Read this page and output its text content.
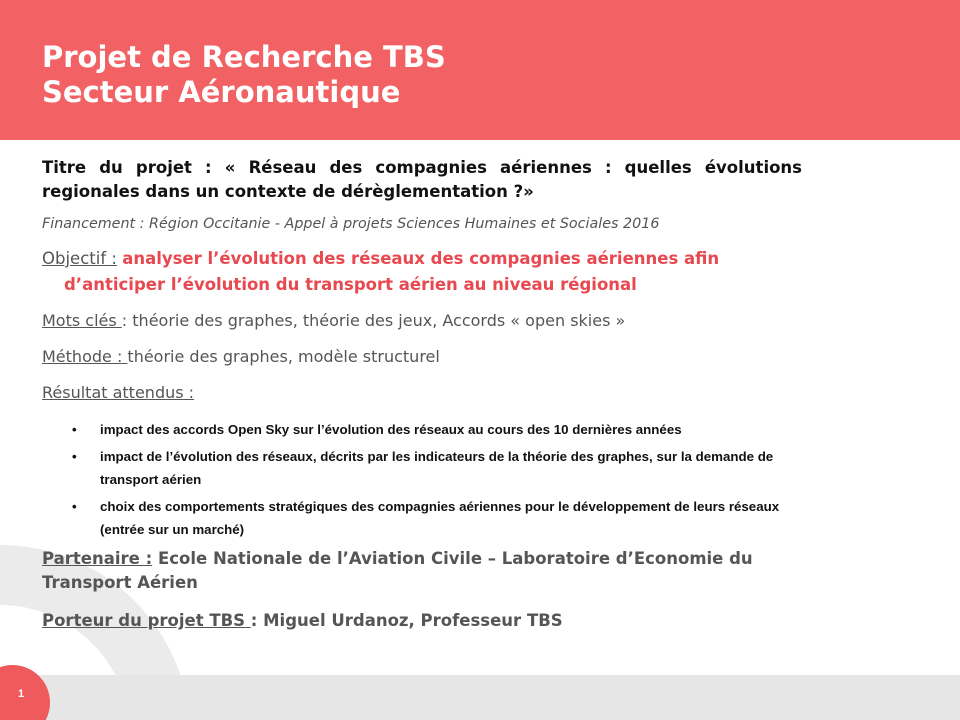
1
Projet de Recherche TBS
Secteur Aéronautique
Titre du projet : « Réseau des compagnies aériennes : quelles évolutions regionales dans un contexte de dérèglementation ?»
Financement : Région Occitanie - Appel à projets Sciences Humaines et Sociales 2016
Objectif : analyser l’évolution des réseaux des compagnies aériennes afin
d’anticiper l’évolution du transport aérien au niveau régional
Mots clés : théorie des graphes, théorie des jeux, Accords « open skies »
Méthode : théorie des graphes, modèle structurel
Résultat attendus :
• impact des accords Open Sky sur l’évolution des réseaux au cours des 10 dernières années
• impact de l’évolution des réseaux, décrits par les indicateurs de la théorie des graphes, sur la demande de transport aérien
• choix des comportements stratégiques des compagnies aériennes pour le développement de leurs réseaux (entrée sur un marché)
Partenaire : Ecole Nationale de l’Aviation Civile – Laboratoire d’Economie du Transport Aérien
Porteur du projet TBS : Miguel Urdanoz, Professeur TBS
